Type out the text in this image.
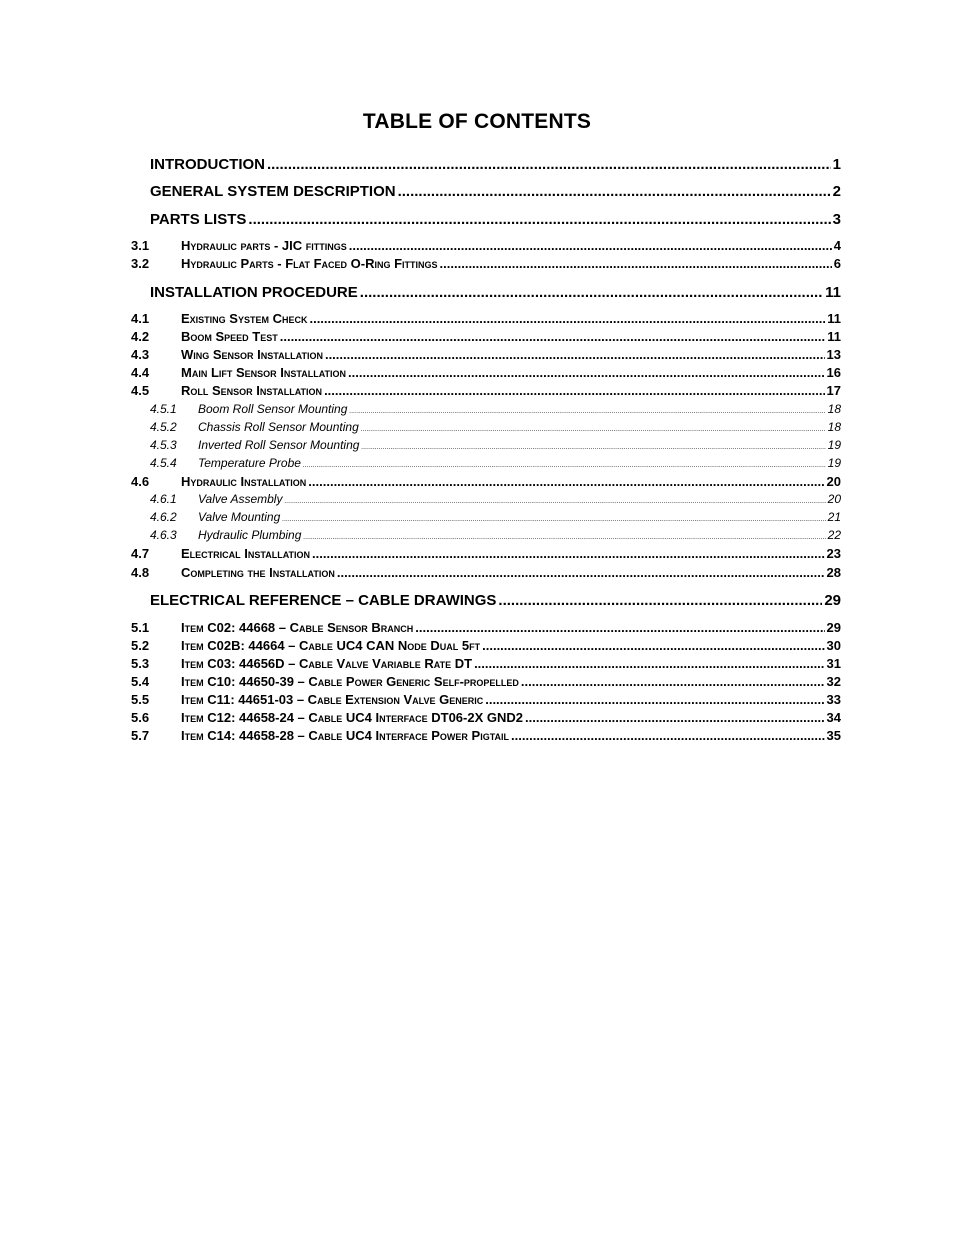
TABLE OF CONTENTS
INTRODUCTION .....	1
GENERAL SYSTEM DESCRIPTION .....	2
PARTS LISTS .....	3
3.1	Hydraulic parts - JIC fittings .....	4
3.2	Hydraulic Parts - Flat Faced O-Ring Fittings .....	6
INSTALLATION PROCEDURE .....	11
4.1	Existing System Check .....	11
4.2	Boom Speed Test .....	11
4.3	Wing Sensor Installation .....	13
4.4	Main Lift Sensor Installation .....	16
4.5	Roll Sensor Installation .....	17
4.5.1	Boom Roll Sensor Mounting .....	18
4.5.2	Chassis Roll Sensor Mounting .....	18
4.5.3	Inverted Roll Sensor Mounting .....	19
4.5.4	Temperature Probe .....	19
4.6	Hydraulic Installation .....	20
4.6.1	Valve Assembly .....	20
4.6.2	Valve Mounting .....	21
4.6.3	Hydraulic Plumbing .....	22
4.7	Electrical Installation .....	23
4.8	Completing the Installation .....	28
ELECTRICAL REFERENCE – CABLE DRAWINGS .....	29
5.1	Item C02: 44668 – Cable Sensor Branch .....	29
5.2	Item C02B: 44664 – Cable UC4 CAN Node Dual 5ft .....	30
5.3	Item C03: 44656D – Cable Valve Variable Rate DT .....	31
5.4	Item C10: 44650-39 – Cable Power Generic Self-propelled .....	32
5.5	Item C11: 44651-03 – Cable Extension Valve Generic .....	33
5.6	Item C12: 44658-24 – Cable UC4 Interface DT06-2X GND2 .....	34
5.7	Item C14: 44658-28 – Cable UC4 Interface Power Pigtail .....	35
